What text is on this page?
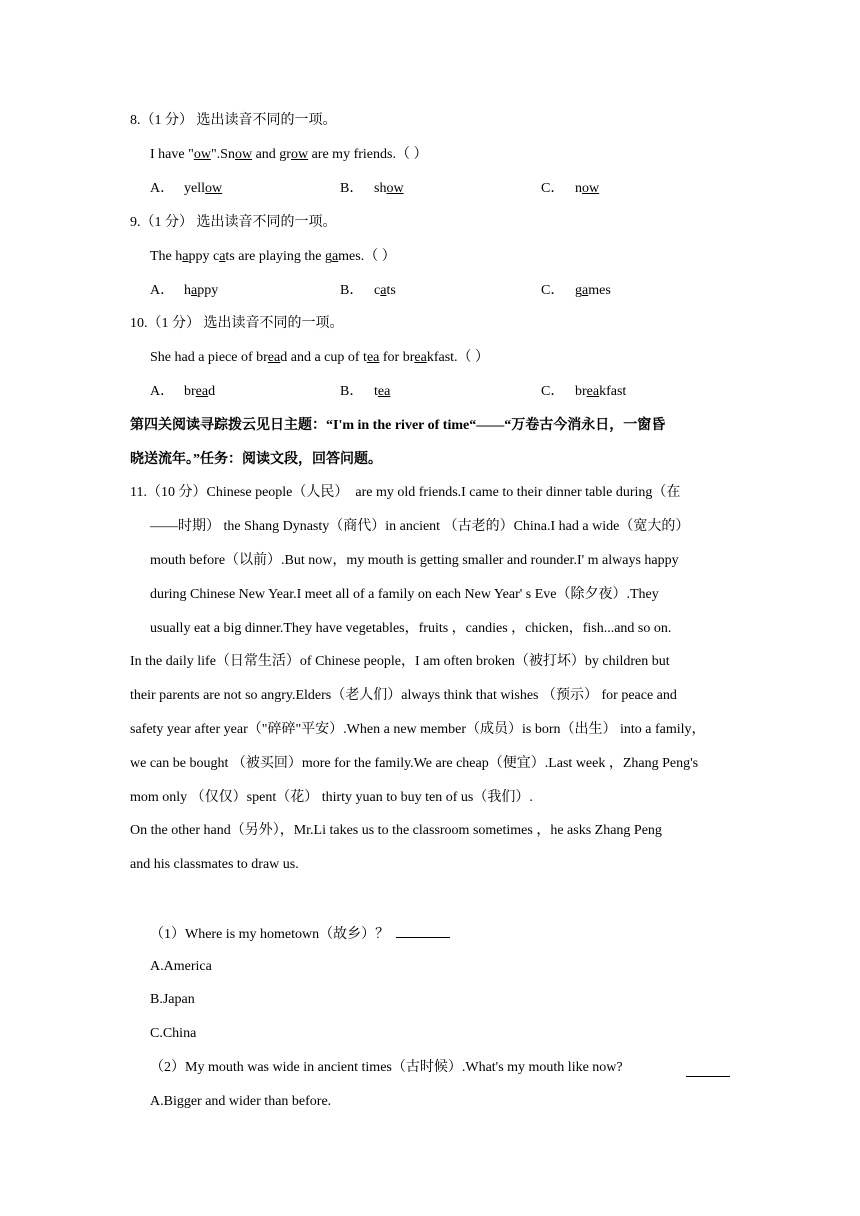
8.（1 分） 选出读音不同的一项。
I have "ow".Snow and grow are my friends.（ ）
A． yellow	B． show	C． now
9.（1 分） 选出读音不同的一项。
The happy cats are playing the games.（ ）
A． happy	B． cats	C． games
10.（1 分） 选出读音不同的一项。
She had a piece of bread and a cup of tea for breakfast.（ ）
A． bread	B． tea	C． breakfast
第四关阅读寻踪拨云见日主题：“I'm in the river of time“——“万卷古今消永日，一窗昏
晓送流年。”任务：阅读文段，回答问题。
11.（10 分）Chinese people（人民）  are my old friends.I came to their dinner table during（在
——时期） the Shang Dynasty（商代）in ancient （古老的）China.I had a wide（宽大的）
mouth before（以前）.But now，my mouth is getting smaller and rounder.I' m always happy
during Chinese New Year.I meet all of a family on each New Year' s Eve（除夕夜）.They
usually eat a big dinner.They have vegetables，fruits ，candies ，chicken，fish...and so on.
In the daily life（日常生活）of Chinese people，I am often broken（被打坏）by children but
their parents are not so angry.Elders（老人们）always think that wishes （预示） for peace and
safety year after year（"碎碎"平安）.When a new member（成员）is born（出生） into a family，
we can be bought （被买回）more for the family.We are cheap（便宜）.Last week ，Zhang Peng's
mom only （仅仅）spent（花） thirty yuan to buy ten of us（我们）.
On the other hand（另外），Mr.Li takes us to the classroom sometimes ，he asks Zhang Peng
and his classmates to draw us.
（1）Where is my hometown（故乡）？
A.America
B.Japan
C.China
（2）My mouth was wide in ancient times（古时候）.What's my mouth like now?
A.Bigger and wider than before.
